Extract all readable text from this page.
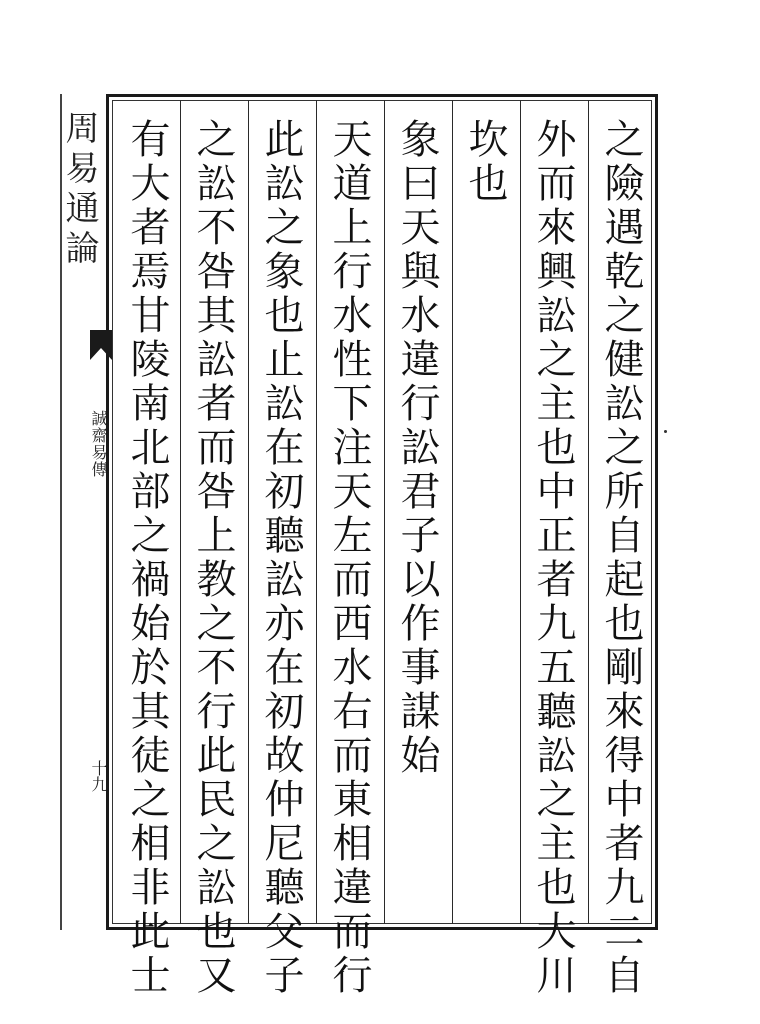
周易通論
誠齋易傳
十九	之險遇乾之健訟之所自起也剛來得中者九二自
外而來興訟之主也中正者九五聽訟之主也大川
坎也
象曰天與水違行訟君子以作事謀始
天道上行水性下注天左而西水右而東相違而行
此訟之象也止訟在初聽訟亦在初故仲尼聽父子
之訟不咎其訟者而咎上教之不行此民之訟也又
有大者焉甘陵南北部之禍始於其徒之相非此士
